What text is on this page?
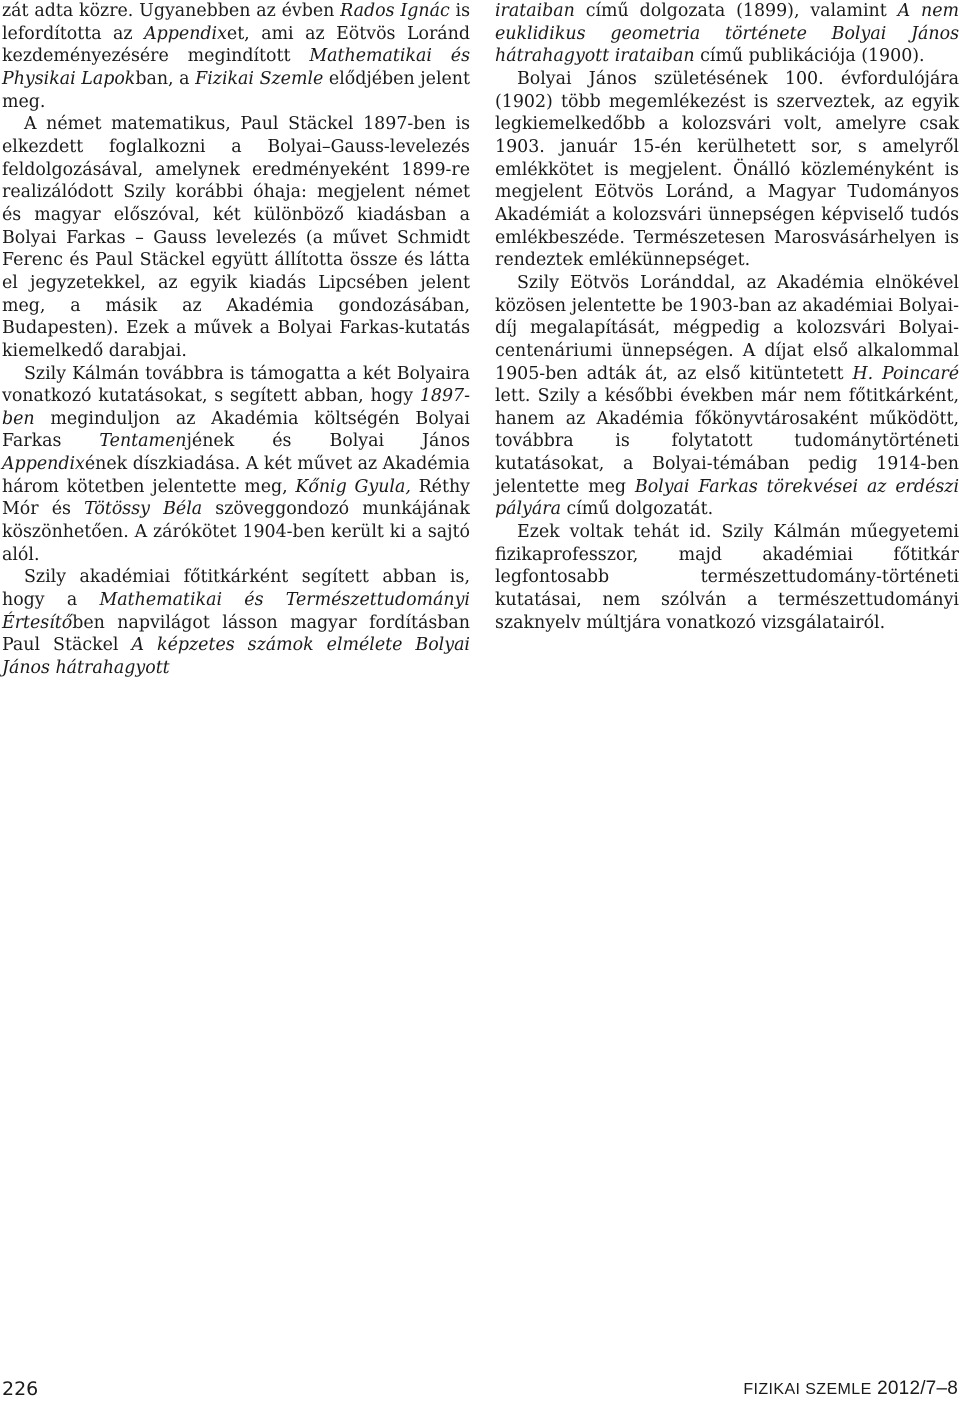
zát adta közre. Ugyanebben az évben Rados Ignác is lefordította az Appendixet, ami az Eötvös Loránd kezdeményezésére megindított Mathematikai és Physikai Lapokban, a Fizikai Szemle elődjében jelent meg.

A német matematikus, Paul Stäckel 1897-ben is elkezdett foglalkozni a Bolyai–Gauss-levelezés feldolgozásával, amelynek eredményeként 1899-re realizálódott Szily korábbi óhaja: megjelent német és magyar előszóval, két különböző kiadásban a Bolyai Farkas – Gauss levelezés (a művet Schmidt Ferenc és Paul Stäckel együtt állította össze és látta el jegyzetekkel, az egyik kiadás Lipcsében jelent meg, a másik az Akadémia gondozásában, Budapesten). Ezek a művek a Bolyai Farkas-kutatás kiemelkedő darabjai.

Szily Kálmán továbbra is támogatta a két Bolyaira vonatkozó kutatásokat, s segített abban, hogy 1897-ben meginduljon az Akadémia költségén Bolyai Farkas Tentamenjének és Bolyai János Appendixének díszkiadása. A két művet az Akadémia három kötetben jelentette meg, Kőnig Gyula, Réthy Mór és Tötössy Béla szöveggondozó munkájának köszönhetően. A zárókötet 1904-ben került ki a sajtó alól.

Szily akadémiai főtitkárként segített abban is, hogy a Mathematikai és Természettudományi Értesítőben napvilágot lásson magyar fordításban Paul Stäckel A képzetes számok elmélete Bolyai János hátrahagyott

irataiban című dolgozata (1899), valamint A nem euklidikus geometria története Bolyai János hátrahagyott irataiban című publikációja (1900).

Bolyai János születésének 100. évfordulójára (1902) több megemlékezést is szerveztek, az egyik legkiemelkedőbb a kolozsvári volt, amelyre csak 1903. január 15-én kerülhetett sor, s amelyről emlékkötet is megjelent. Önálló közleményként is megjelent Eötvös Loránd, a Magyar Tudományos Akadémiát a kolozsvári ünnepségen képviselő tudós emlékbeszéde. Természetesen Marosvásárhelyen is rendeztek emlékünnepséget.

Szily Eötvös Loránddal, az Akadémia elnökével közösen jelentette be 1903-ban az akadémiai Bolyai-díj megalapítását, mégpedig a kolozsvári Bolyai-centenáriumi ünnepségen. A díjat első alkalommal 1905-ben adták át, az első kitüntetett H. Poincaré lett. Szily a későbbi években már nem főtitkárként, hanem az Akadémia főkönyvtárosaként működött, továbbra is folytatott tudománytörténeti kutatásokat, a Bolyai-témában pedig 1914-ben jelentette meg Bolyai Farkas törekvései az erdészi pályára című dolgozatát.

Ezek voltak tehát id. Szily Kálmán műegyetemi fizikaprofesszor, majd akadémiai főtitkár legfontosabb természettudomány-történeti kutatásai, nem szólván a természettudományi szaknyelv múltjára vonatkozó vizsgálatairól.

226	FIZIKAI SZEMLE 2012/7–8
